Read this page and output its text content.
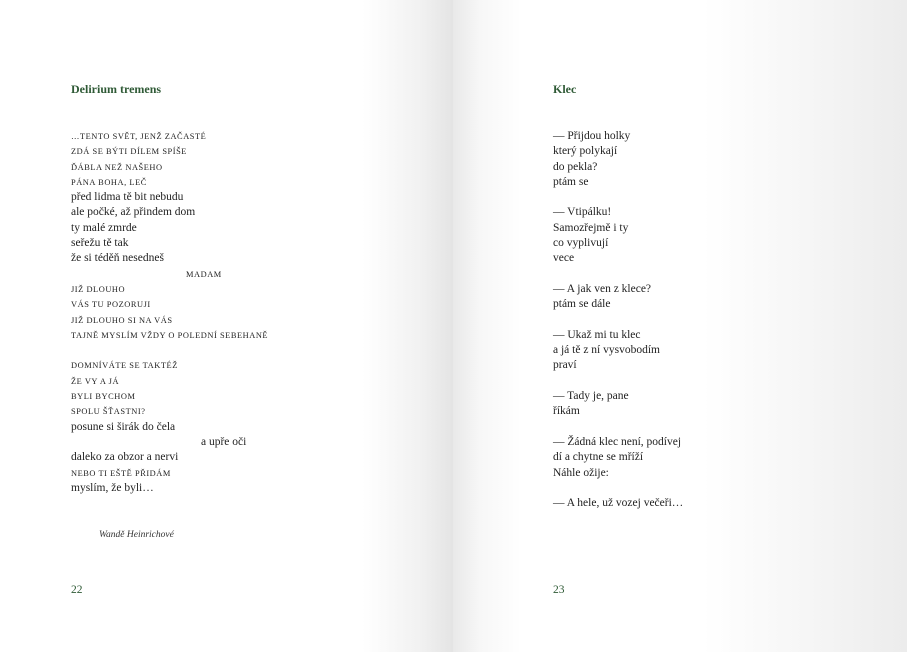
Delirium tremens
…TENTO SVĚT, JENŽ ZAČASTÉ
ZDÁ SE BÝTI DÍLEM SPÍŠE
ĎÁBLA NEŽ NAŠEHO
PÁNA BOHA, LEČ
před lidma tě bit nebudu
ale počké, až přindem dom
ty malé zmrde
seřežu tě tak
že si téděň nesedneš
MADAM
JIŽ DLOUHO
VÁS TU POZORUJI
JIŽ DLOUHO SI NA VÁS
TAJNĚ MYSLÍM VŽDY O POLEDNÍ SEBEHANĚ
DOMNÍVÁTE SE TAKTÉŽ
ŽE VY A JÁ
BYLI BYCHOM
SPOLU ŠŤASTNI?
posune si širák do čela
a upře oči
daleko za obzor a nervi
NEBO TI EŠTĚ PŘIDÁM
myslím, že byli…
Wandě Heinrichové
22
Klec
— Přijdou holky
který polykají
do pekla?
ptám se
— Vtipálku!
Samozřejmě i ty
co vyplivují
vece
— A jak ven z klece?
ptám se dále
— Ukaž mi tu klec
a já tě z ní vysvobodím
praví
— Tady je, pane
říkám
— Žádná klec není, podívej
dí a chytne se mříží
Náhle ožije:
— A hele, už vozej večeři…
23
